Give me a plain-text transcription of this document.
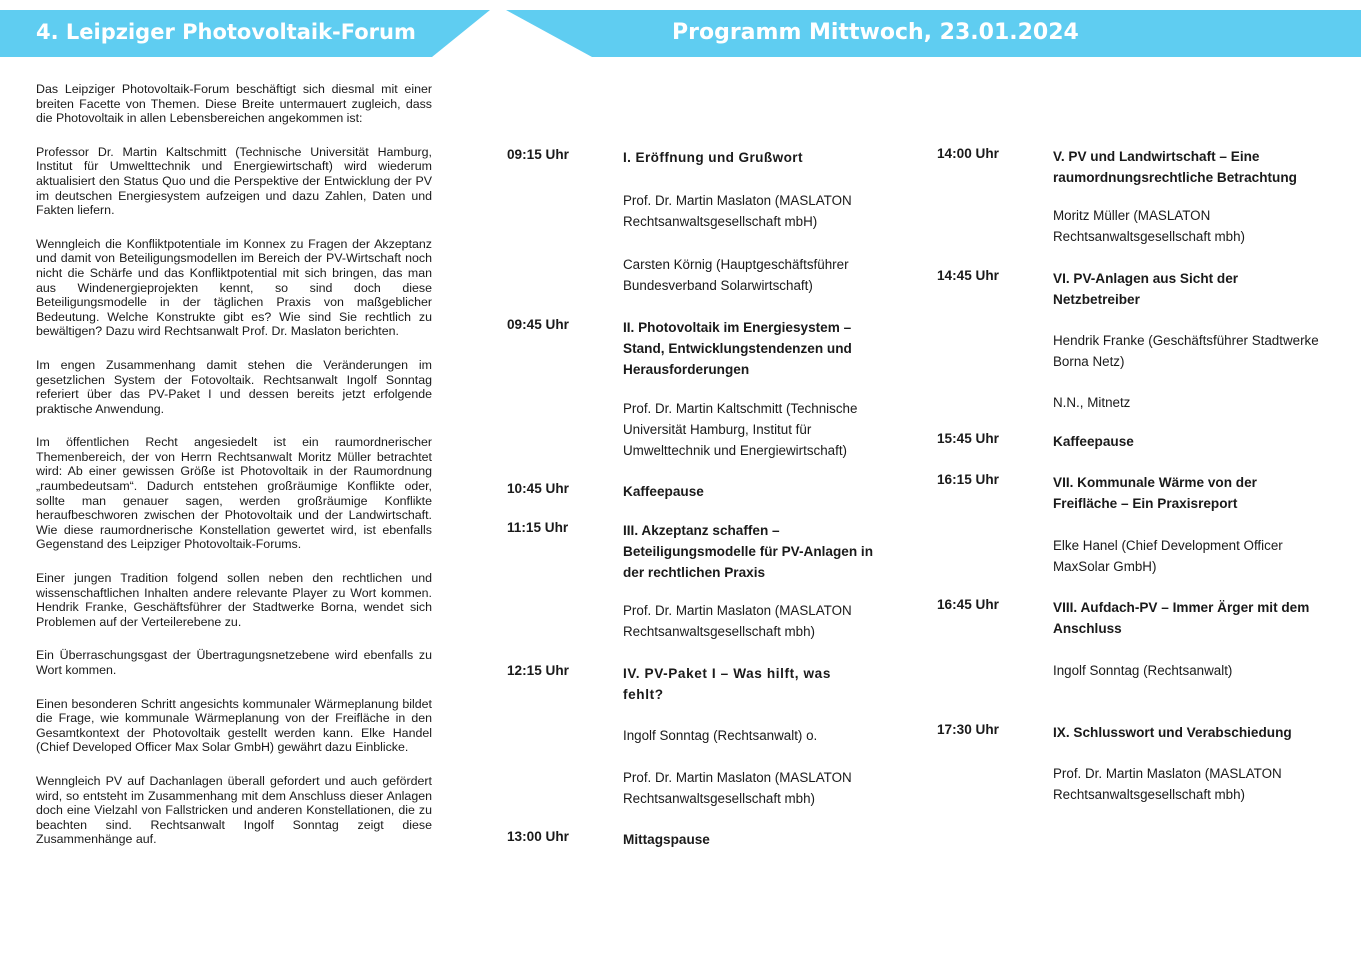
4. Leipziger Photovoltaik-Forum	Programm Mittwoch, 23.01.2024

Das Leipziger Photovoltaik-Forum beschäftigt sich diesmal mit einer breiten Facette von Themen. Diese Breite untermauert zugleich, dass die Photovoltaik in allen Lebensbereichen angekommen ist:

Professor Dr. Martin Kaltschmitt (Technische Universität Hamburg, Institut für Umwelttechnik und Energiewirtschaft) wird wiederum aktualisiert den Status Quo und die Perspektive der Entwicklung der PV im deutschen Energiesystem aufzeigen und dazu Zahlen, Daten und Fakten liefern.

Wenngleich die Konfliktpotentiale im Konnex zu Fragen der Akzeptanz und damit von Beteiligungsmodellen im Bereich der PV-Wirtschaft noch nicht die Schärfe und das Konfliktpotential mit sich bringen, das man aus Windenergieprojekten kennt, so sind doch diese Beteiligungsmodelle in der täglichen Praxis von maßgeblicher Bedeutung. Welche Konstrukte gibt es? Wie sind Sie rechtlich zu bewältigen? Dazu wird Rechtsanwalt Prof. Dr. Maslaton berichten.

Im engen Zusammenhang damit stehen die Veränderungen im gesetzlichen System der Fotovoltaik. Rechtsanwalt Ingolf Sonntag referiert über das PV-Paket I und dessen bereits jetzt erfolgende praktische Anwendung.

Im öffentlichen Recht angesiedelt ist ein raumordnerischer Themenbereich, der von Herrn Rechtsanwalt Moritz Müller betrachtet wird: Ab einer gewissen Größe ist Photovoltaik in der Raumordnung „raumbedeutsam“. Dadurch entstehen großräumige Konflikte oder, sollte man genauer sagen, werden großräumige Konflikte heraufbeschworen zwischen der Photovoltaik und der Landwirtschaft. Wie diese raumordnerische Konstellation gewertet wird, ist ebenfalls Gegenstand des Leipziger Photovoltaik-Forums.

Einer jungen Tradition folgend sollen neben den rechtlichen und wissenschaftlichen Inhalten andere relevante Player zu Wort kommen. Hendrik Franke, Geschäftsführer der Stadtwerke Borna, wendet sich Problemen auf der Verteilerebene zu.

Ein Überraschungsgast der Übertragungsnetzebene wird ebenfalls zu Wort kommen.

Einen besonderen Schritt angesichts kommunaler Wärmeplanung bildet die Frage, wie kommunale Wärmeplanung von der Freifläche in den Gesamtkontext der Photovoltaik gestellt werden kann. Elke Handel (Chief Developed Officer Max Solar GmbH) gewährt dazu Einblicke.

Wenngleich PV auf Dachanlagen überall gefordert und auch gefördert wird, so entsteht im Zusammenhang mit dem Anschluss dieser Anlagen doch eine Vielzahl von Fallstricken und anderen Konstellationen, die zu beachten sind. Rechtsanwalt Ingolf Sonntag zeigt diese Zusammenhänge auf.

09:15 Uhr	I. Eröffnung und Grußwort
Prof. Dr. Martin Maslaton (MASLATON Rechtsanwaltsgesellschaft mbH)
Carsten Körnig (Hauptgeschäftsführer Bundesverband Solarwirtschaft)
09:45 Uhr	II. Photovoltaik im Energiesystem – Stand, Entwicklungstendenzen und Herausforderungen
Prof. Dr. Martin Kaltschmitt (Technische Universität Hamburg, Institut für Umwelttechnik und Energiewirtschaft)
10:45 Uhr	Kaffeepause
11:15 Uhr	III. Akzeptanz schaffen – Beteiligungsmodelle für PV-Anlagen in der rechtlichen Praxis
Prof. Dr. Martin Maslaton (MASLATON Rechtsanwaltsgesellschaft mbh)
12:15 Uhr	IV. PV-Paket I – Was hilft, was fehlt?
Ingolf Sonntag (Rechtsanwalt) o.
Prof. Dr. Martin Maslaton (MASLATON Rechtsanwaltsgesellschaft mbh)
13:00 Uhr	Mittagspause
14:00 Uhr	V. PV und Landwirtschaft – Eine raumordnungsrechtliche Betrachtung
Moritz Müller (MASLATON Rechtsanwaltsgesellschaft mbh)
14:45 Uhr	VI. PV-Anlagen aus Sicht der Netzbetreiber
Hendrik Franke (Geschäftsführer Stadtwerke Borna Netz)
N.N., Mitnetz
15:45 Uhr	Kaffeepause
16:15 Uhr	VII. Kommunale Wärme von der Freifläche – Ein Praxisreport
Elke Hanel (Chief Development Officer MaxSolar GmbH)
16:45 Uhr	VIII. Aufdach-PV – Immer Ärger mit dem Anschluss
Ingolf Sonntag (Rechtsanwalt)
17:30 Uhr	IX. Schlusswort und Verabschiedung
Prof. Dr. Martin Maslaton (MASLATON Rechtsanwaltsgesellschaft mbh)
